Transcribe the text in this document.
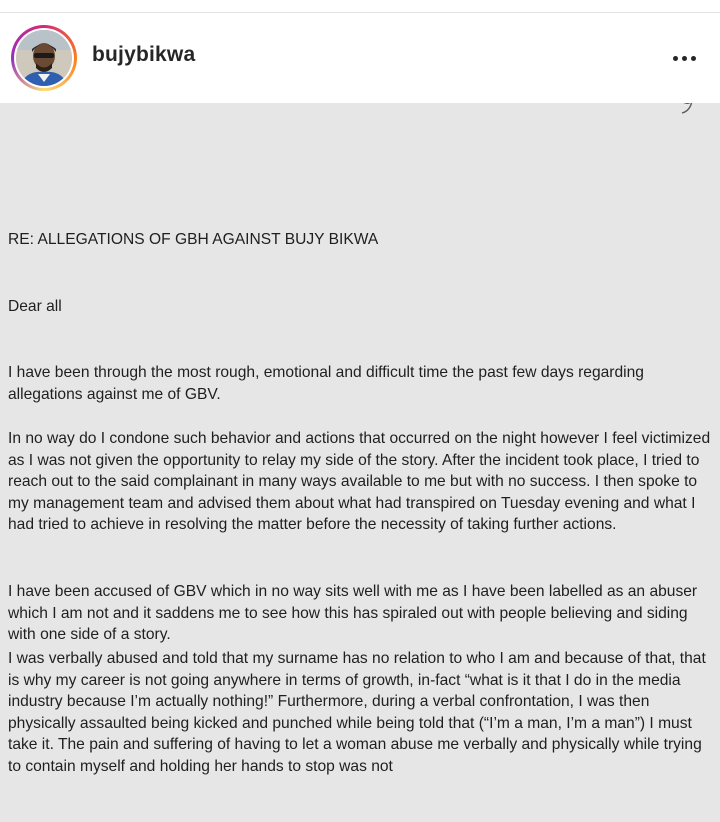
bujybikwa
RE: ALLEGATIONS OF GBH AGAINST BUJY BIKWA
Dear all

I have been through the most rough, emotional and difficult time the past few days regarding allegations against me of GBV.

In no way do I condone such behavior and actions that occurred on the night however I feel victimized as I was not given the opportunity to relay my side of the story. After the incident took place, I tried to reach out to the said complainant in many ways available to me but with no success. I then spoke to my management team and advised them about what had transpired on Tuesday evening and what I had tried to achieve in resolving the matter before the necessity of taking further actions.

I have been accused of GBV which in no way sits well with me as I have been labelled as an abuser which I am not and it saddens me to see how this has spiraled out with people believing and siding with one side of a story.

I was verbally abused and told that my surname has no relation to who I am and because of that, that is why my career is not going anywhere in terms of growth, in-fact “what is it that I do in the media industry because I’m actually nothing!” Furthermore, during a verbal confrontation, I was then physically assaulted being kicked and punched while being told that (“I’m a man, I’m a man”) I must take it. The pain and suffering of having to let a woman abuse me verbally and physically while trying to contain myself and holding her hands to stop was not
